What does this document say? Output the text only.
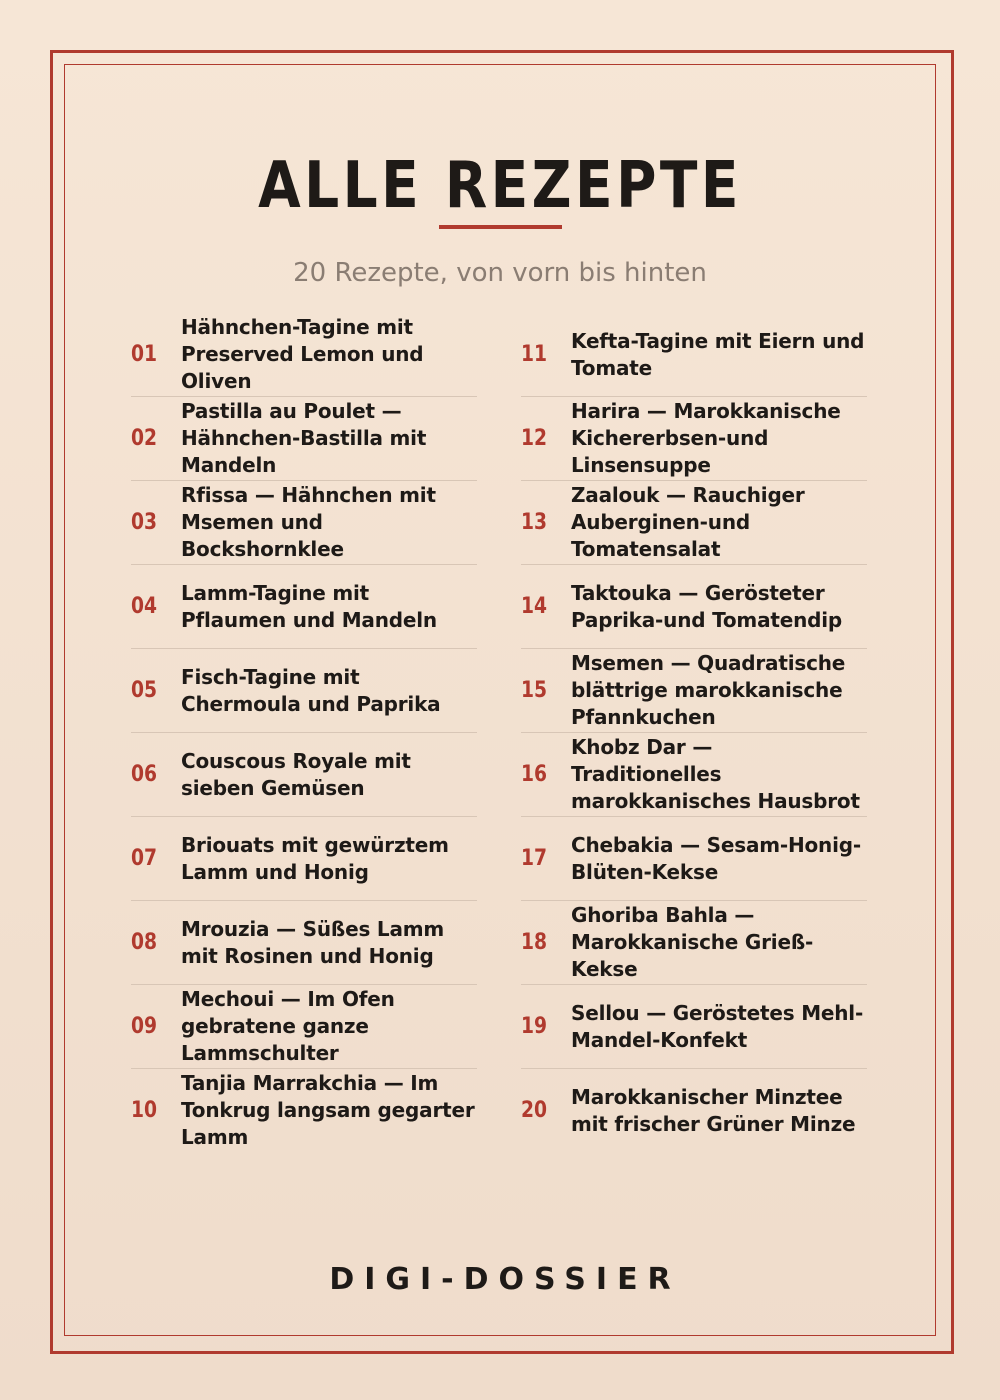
ALLE REZEPTE
20 Rezepte, von vorn bis hinten
01
Hähnchen-Tagine mit Preserved Lemon und Oliven
02
Pastilla au Poulet — Hähnchen-Bastilla mit Mandeln
03
Rfissa — Hähnchen mit Msemen und Bockshornklee
04
Lamm-Tagine mit Pflaumen und Mandeln
05
Fisch-Tagine mit Chermoula und Paprika
06
Couscous Royale mit sieben Gemüsen
07
Briouats mit gewürztem Lamm und Honig
08
Mrouzia — Süßes Lamm mit Rosinen und Honig
09
Mechoui — Im Ofen gebratene ganze Lammschulter
10
Tanjia Marrakchia — Im Tonkrug langsam gegarter Lamm
11
Kefta-Tagine mit Eiern und Tomate
12
Harira — Marokkanische Kichererbsen-und Linsensuppe
13
Zaalouk — Rauchiger Auberginen-und Tomatensalat
14
Taktouka — Gerösteter Paprika-und Tomatendip
15
Msemen — Quadratische blättrige marokkanische Pfannkuchen
16
Khobz Dar — Traditionelles marokkanisches Hausbrot
17
Chebakia — Sesam-Honig-Blüten-Kekse
18
Ghoriba Bahla — Marokkanische Grieß-Kekse
19
Sellou — Geröstetes Mehl-Mandel-Konfekt
20
Marokkanischer Minztee mit frischer Grüner Minze
DIGI-DOSSIER
